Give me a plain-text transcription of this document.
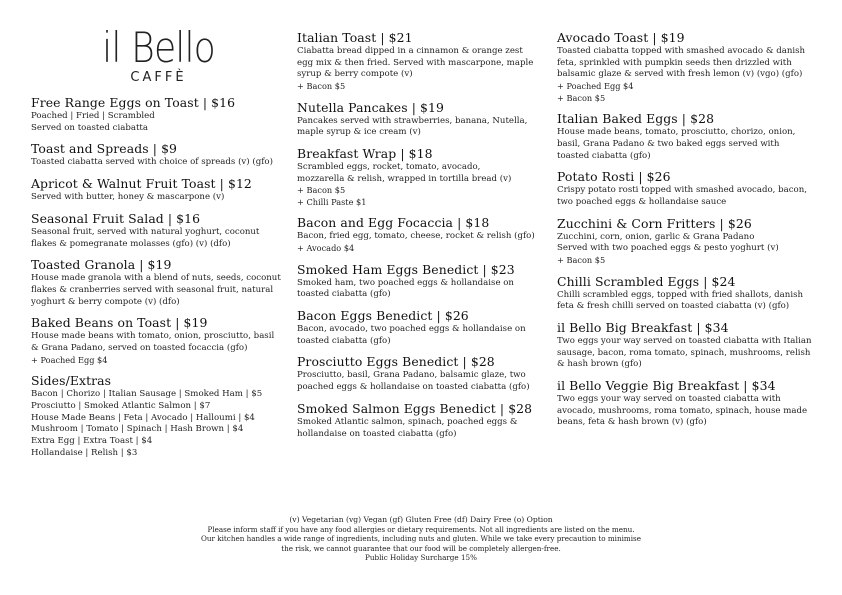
il Bello
CAFFÈ
Free Range Eggs on Toast | $16
Poached | Fried | Scrambled
Served on toasted ciabatta
Toast and Spreads | $9
Toasted ciabatta served with choice of spreads (v) (gfo)
Apricot & Walnut Fruit Toast | $12
Served with butter, honey & mascarpone (v)
Seasonal Fruit Salad | $16
Seasonal fruit, served with natural yoghurt, coconut
flakes & pomegranate molasses (gfo) (v) (dfo)
Toasted Granola | $19
House made granola with a blend of nuts, seeds, coconut
flakes & cranberries served with seasonal fruit, natural
yoghurt & berry compote (v) (dfo)
Baked Beans on Toast | $19
House made beans with tomato, onion, prosciutto, basil
& Grana Padano, served on toasted focaccia (gfo)
+ Poached Egg $4
Sides/Extras
Bacon | Chorizo | Italian Sausage | Smoked Ham | $5
Prosciutto | Smoked Atlantic Salmon | $7
House Made Beans | Feta | Avocado | Halloumi | $4
Mushroom | Tomato | Spinach | Hash Brown | $4
Extra Egg | Extra Toast | $4
Hollandaise | Relish | $3
Italian Toast | $21
Ciabatta bread dipped in a cinnamon & orange zest
egg mix & then fried. Served with mascarpone, maple
syrup & berry compote (v)
+ Bacon $5
Nutella Pancakes | $19
Pancakes served with strawberries, banana, Nutella,
maple syrup & ice cream (v)
Breakfast Wrap | $18
Scrambled eggs, rocket, tomato, avocado,
mozzarella & relish, wrapped in tortilla bread (v)
+ Bacon $5
+ Chilli Paste $1
Bacon and Egg Focaccia | $18
Bacon, fried egg, tomato, cheese, rocket & relish (gfo)
+ Avocado $4
Smoked Ham Eggs Benedict | $23
Smoked ham, two poached eggs & hollandaise on
toasted ciabatta (gfo)
Bacon Eggs Benedict | $26
Bacon, avocado, two poached eggs & hollandaise on
toasted ciabatta (gfo)
Prosciutto Eggs Benedict | $28
Prosciutto, basil, Grana Padano, balsamic glaze, two
poached eggs & hollandaise on toasted ciabatta (gfo)
Smoked Salmon Eggs Benedict | $28
Smoked Atlantic salmon, spinach, poached eggs &
hollandaise on toasted ciabatta (gfo)
Avocado Toast | $19
Toasted ciabatta topped with smashed avocado & danish
feta, sprinkled with pumpkin seeds then drizzled with
balsamic glaze & served with fresh lemon (v) (vgo) (gfo)
+ Poached Egg $4
+ Bacon $5
Italian Baked Eggs | $28
House made beans, tomato, prosciutto, chorizo, onion,
basil, Grana Padano & two baked eggs served with
toasted ciabatta (gfo)
Potato Rosti | $26
Crispy potato rosti topped with smashed avocado, bacon,
two poached eggs & hollandaise sauce
Zucchini & Corn Fritters | $26
Zucchini, corn, onion, garlic & Grana Padano
Served with two poached eggs & pesto yoghurt (v)
+ Bacon $5
Chilli Scrambled Eggs | $24
Chilli scrambled eggs, topped with fried shallots, danish
feta & fresh chilli served on toasted ciabatta (v) (gfo)
il Bello Big Breakfast | $34
Two eggs your way served on toasted ciabatta with Italian
sausage, bacon, roma tomato, spinach, mushrooms, relish
& hash brown (gfo)
il Bello Veggie Big Breakfast | $34
Two eggs your way served on toasted ciabatta with
avocado, mushrooms, roma tomato, spinach, house made
beans, feta & hash brown (v) (gfo)
(v) Vegetarian (vg) Vegan (gf) Gluten Free (df) Dairy Free (o) Option
Please inform staff if you have any food allergies or dietary requirements. Not all ingredients are listed on the menu.
Our kitchen handles a wide range of ingredients, including nuts and gluten. While we take every precaution to minimise
the risk, we cannot guarantee that our food will be completely allergen-free.
Public Holiday Surcharge 15%
